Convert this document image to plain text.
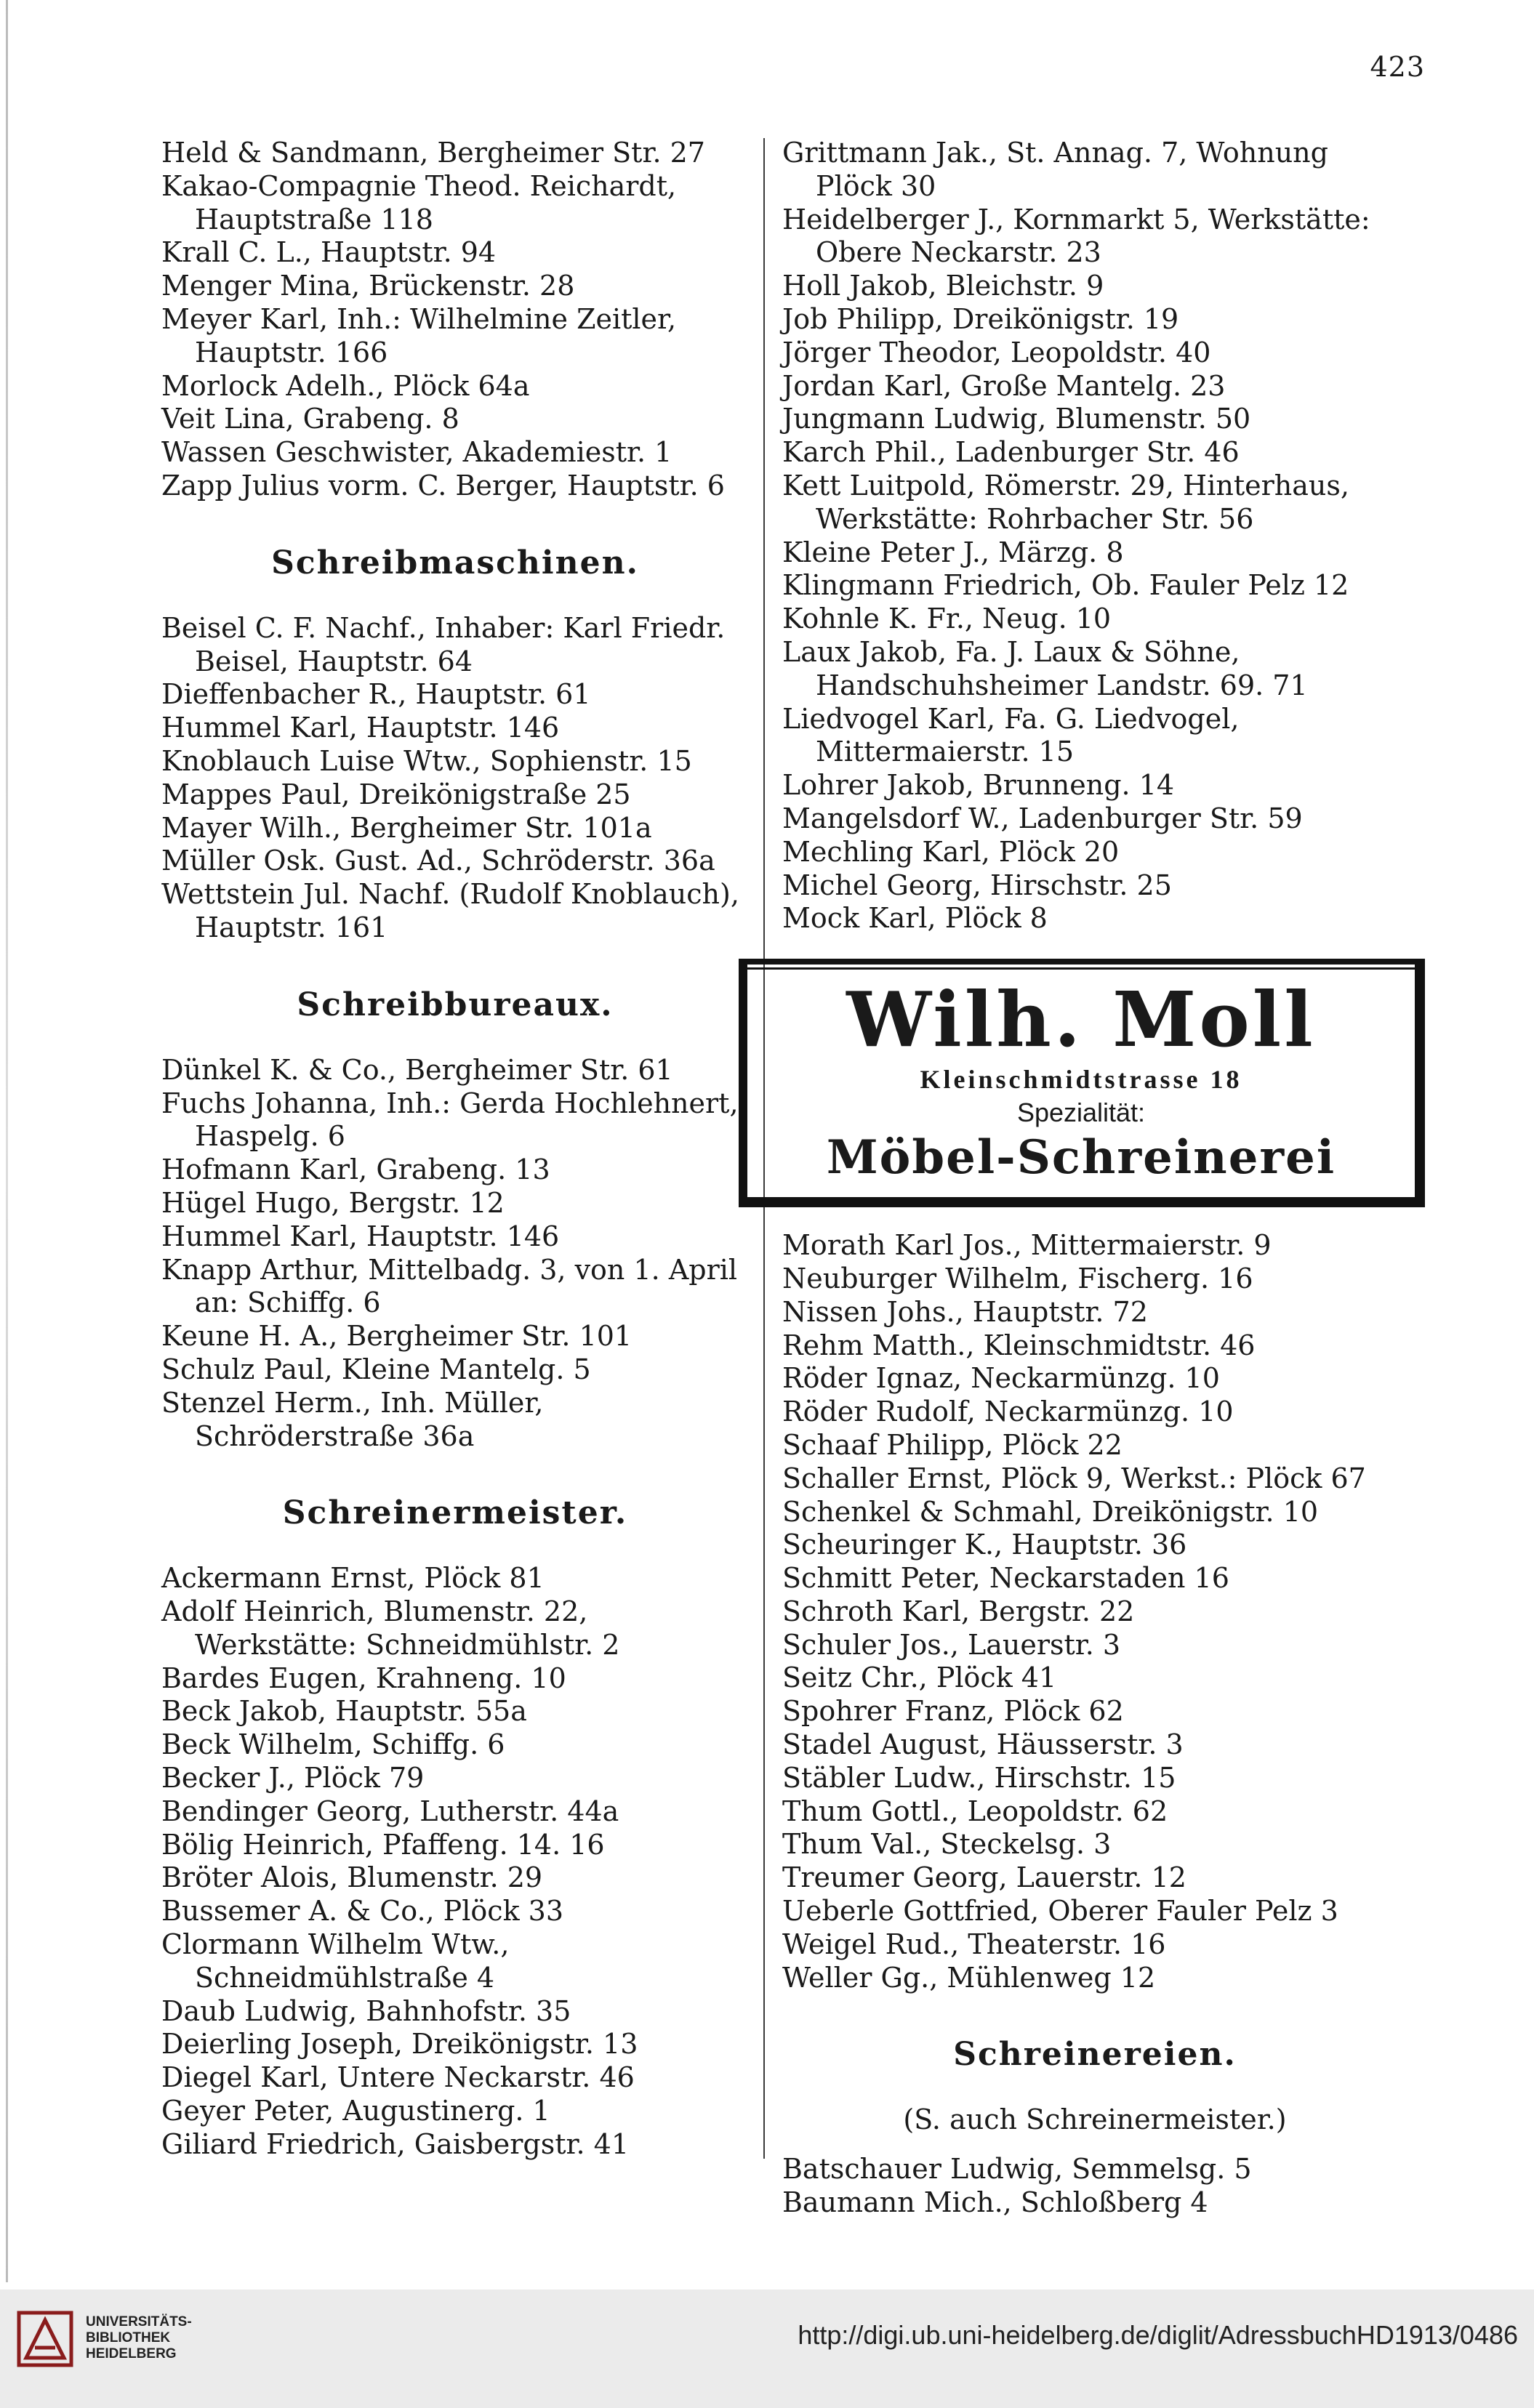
423
Held & Sandmann, Bergheimer Str. 27
Kakao-Compagnie Theod. Reichardt, Hauptstraße 118
Krall C. L., Hauptstr. 94
Menger Mina, Brückenstr. 28
Meyer Karl, Inh.: Wilhelmine Zeitler, Hauptstr. 166
Morlock Adelh., Plöck 64a
Veit Lina, Grabeng. 8
Wassen Geschwister, Akademiestr. 1
Zapp Julius vorm. C. Berger, Hauptstr. 6
Schreibmaschinen.
Beisel C. F. Nachf., Inhaber: Karl Friedr. Beisel, Hauptstr. 64
Dieffenbacher R., Hauptstr. 61
Hummel Karl, Hauptstr. 146
Knoblauch Luise Wtw., Sophienstr. 15
Mappes Paul, Dreikönigstraße 25
Mayer Wilh., Bergheimer Str. 101a
Müller Osk. Gust. Ad., Schröderstr. 36a
Wettstein Jul. Nachf. (Rudolf Knoblauch), Hauptstr. 161
Schreibbureaux.
Dünkel K. & Co., Bergheimer Str. 61
Fuchs Johanna, Inh.: Gerda Hochlehnert, Haspelg. 6
Hofmann Karl, Grabeng. 13
Hügel Hugo, Bergstr. 12
Hummel Karl, Hauptstr. 146
Knapp Arthur, Mittelbadg. 3, von 1. April an: Schiffg. 6
Keune H. A., Bergheimer Str. 101
Schulz Paul, Kleine Mantelg. 5
Stenzel Herm., Inh. Müller, Schröderstraße 36a
Schreinermeister.
Ackermann Ernst, Plöck 81
Adolf Heinrich, Blumenstr. 22, Werkstätte: Schneidmühlstr. 2
Bardes Eugen, Krahneng. 10
Beck Jakob, Hauptstr. 55a
Beck Wilhelm, Schiffg. 6
Becker J., Plöck 79
Bendinger Georg, Lutherstr. 44a
Bölig Heinrich, Pfaffeng. 14. 16
Bröter Alois, Blumenstr. 29
Bussemer A. & Co., Plöck 33
Clormann Wilhelm Wtw., Schneidmühlstraße 4
Daub Ludwig, Bahnhofstr. 35
Deierling Joseph, Dreikönigstr. 13
Diegel Karl, Untere Neckarstr. 46
Geyer Peter, Augustinerg. 1
Giliard Friedrich, Gaisbergstr. 41
Grittmann Jak., St. Annag. 7, Wohnung Plöck 30
Heidelberger J., Kornmarkt 5, Werkstätte: Obere Neckarstr. 23
Holl Jakob, Bleichstr. 9
Job Philipp, Dreikönigstr. 19
Jörger Theodor, Leopoldstr. 40
Jordan Karl, Große Mantelg. 23
Jungmann Ludwig, Blumenstr. 50
Karch Phil., Ladenburger Str. 46
Kett Luitpold, Römerstr. 29, Hinterhaus, Werkstätte: Rohrbacher Str. 56
Kleine Peter J., Märzg. 8
Klingmann Friedrich, Ob. Fauler Pelz 12
Kohnle K. Fr., Neug. 10
Laux Jakob, Fa. J. Laux & Söhne, Handschuhsheimer Landstr. 69. 71
Liedvogel Karl, Fa. G. Liedvogel, Mittermaierstr. 15
Lohrer Jakob, Brunneng. 14
Mangelsdorf W., Ladenburger Str. 59
Mechling Karl, Plöck 20
Michel Georg, Hirschstr. 25
Mock Karl, Plöck 8
Wilh. Moll
Kleinschmidtstrasse 18
Spezialität:
Möbel-Schreinerei
Morath Karl Jos., Mittermaierstr. 9
Neuburger Wilhelm, Fischerg. 16
Nissen Johs., Hauptstr. 72
Rehm Matth., Kleinschmidtstr. 46
Röder Ignaz, Neckarmünzg. 10
Röder Rudolf, Neckarmünzg. 10
Schaaf Philipp, Plöck 22
Schaller Ernst, Plöck 9, Werkst.: Plöck 67
Schenkel & Schmahl, Dreikönigstr. 10
Scheuringer K., Hauptstr. 36
Schmitt Peter, Neckarstaden 16
Schroth Karl, Bergstr. 22
Schuler Jos., Lauerstr. 3
Seitz Chr., Plöck 41
Spohrer Franz, Plöck 62
Stadel August, Häusserstr. 3
Stäbler Ludw., Hirschstr. 15
Thum Gottl., Leopoldstr. 62
Thum Val., Steckelsg. 3
Treumer Georg, Lauerstr. 12
Ueberle Gottfried, Oberer Fauler Pelz 3
Weigel Rud., Theaterstr. 16
Weller Gg., Mühlenweg 12
Schreinereien.
(S. auch Schreinermeister.)
Batschauer Ludwig, Semmelsg. 5
Baumann Mich., Schloßberg 4
UNIVERSITÄTS-
BIBLIOTHEK
HEIDELBERG
http://digi.ub.uni-heidelberg.de/diglit/AdressbuchHD1913/0486
